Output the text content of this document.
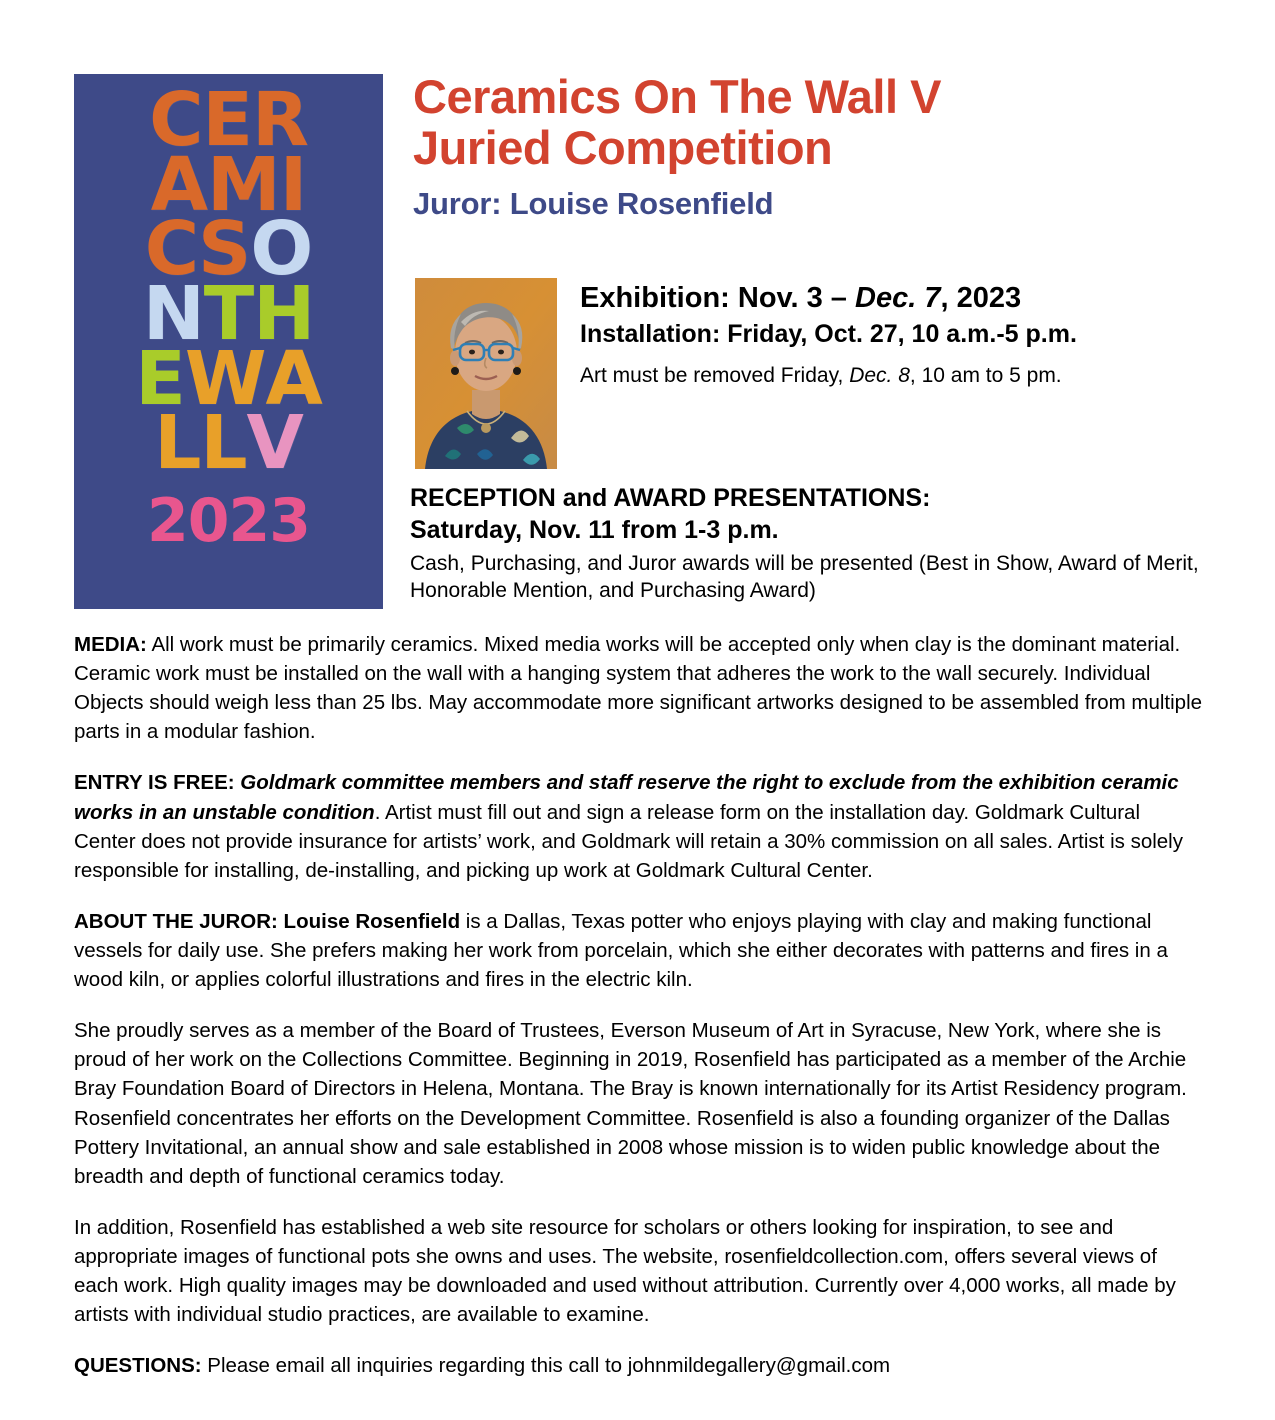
C E R
A M I
C S O
N T H
E W A
L L V
2023
Ceramics On The Wall V
Juried Competition
Juror: Louise Rosenfield
Exhibition: Nov. 3 – Dec. 7, 2023
Installation: Friday, Oct. 27, 10 a.m.-5 p.m.
Art must be removed Friday, Dec. 8, 10 am to 5 pm.
RECEPTION and AWARD PRESENTATIONS:
Saturday, Nov. 11 from 1-3 p.m.
Cash, Purchasing, and Juror awards will be presented (Best in Show, Award of Merit, Honorable Mention, and Purchasing Award)

MEDIA: All work must be primarily ceramics. Mixed media works will be accepted only when clay is the dominant material. Ceramic work must be installed on the wall with a hanging system that adheres the work to the wall securely. Individual Objects should weigh less than 25 lbs. May accommodate more significant artworks designed to be assembled from multiple parts in a modular fashion.

ENTRY IS FREE: Goldmark committee members and staff reserve the right to exclude from the exhibition ceramic works in an unstable condition. Artist must fill out and sign a release form on the installation day. Goldmark Cultural Center does not provide insurance for artists’ work, and Goldmark will retain a 30% commission on all sales. Artist is solely responsible for installing, de-installing, and picking up work at Goldmark Cultural Center.

ABOUT THE JUROR: Louise Rosenfield is a Dallas, Texas potter who enjoys playing with clay and making functional vessels for daily use. She prefers making her work from porcelain, which she either decorates with patterns and fires in a wood kiln, or applies colorful illustrations and fires in the electric kiln.

She proudly serves as a member of the Board of Trustees, Everson Museum of Art in Syracuse, New York, where she is proud of her work on the Collections Committee. Beginning in 2019, Rosenfield has participated as a member of the Archie Bray Foundation Board of Directors in Helena, Montana. The Bray is known internationally for its Artist Residency program. Rosenfield concentrates her efforts on the Development Committee. Rosenfield is also a founding organizer of the Dallas Pottery Invitational, an annual show and sale established in 2008 whose mission is to widen public knowledge about the breadth and depth of functional ceramics today.

In addition, Rosenfield has established a web site resource for scholars or others looking for inspiration, to see and appropriate images of functional pots she owns and uses. The website, rosenfieldcollection.com, offers several views of each work. High quality images may be downloaded and used without attribution. Currently over 4,000 works, all made by artists with individual studio practices, are available to examine.

QUESTIONS: Please email all inquiries regarding this call to johnmildegallery@gmail.com
